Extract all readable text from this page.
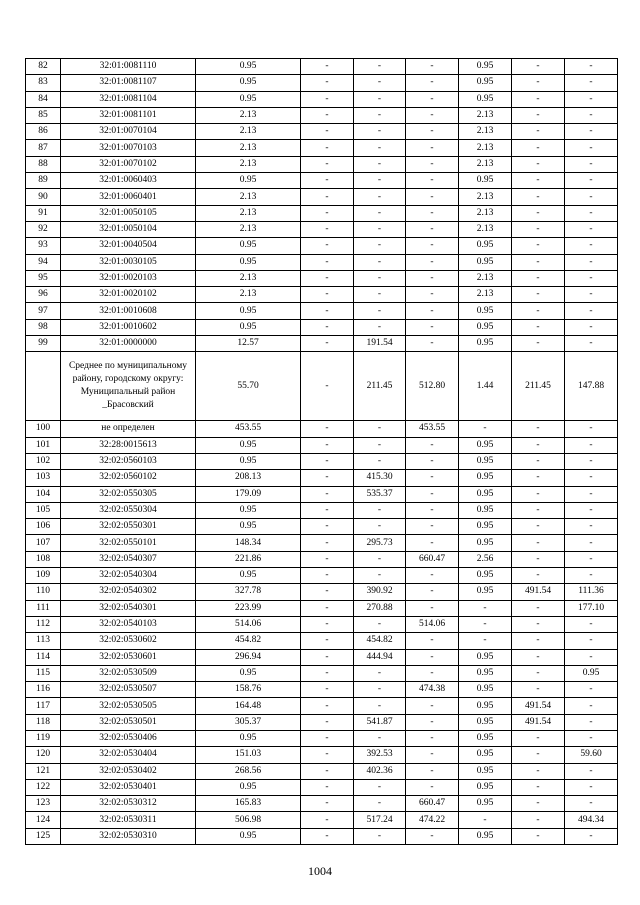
82	32:01:0081110	0.95	-	-	-	0.95	-	-
83	32:01:0081107	0.95	-	-	-	0.95	-	-
84	32:01:0081104	0.95	-	-	-	0.95	-	-
85	32:01:0081101	2.13	-	-	-	2.13	-	-
86	32:01:0070104	2.13	-	-	-	2.13	-	-
87	32:01:0070103	2.13	-	-	-	2.13	-	-
88	32:01:0070102	2.13	-	-	-	2.13	-	-
89	32:01:0060403	0.95	-	-	-	0.95	-	-
90	32:01:0060401	2.13	-	-	-	2.13	-	-
91	32:01:0050105	2.13	-	-	-	2.13	-	-
92	32:01:0050104	2.13	-	-	-	2.13	-	-
93	32:01:0040504	0.95	-	-	-	0.95	-	-
94	32:01:0030105	0.95	-	-	-	0.95	-	-
95	32:01:0020103	2.13	-	-	-	2.13	-	-
96	32:01:0020102	2.13	-	-	-	2.13	-	-
97	32:01:0010608	0.95	-	-	-	0.95	-	-
98	32:01:0010602	0.95	-	-	-	0.95	-	-
99	32:01:0000000	12.57	-	191.54	-	0.95	-	-
	Среднее по муниципальному району, городскому округу: Муниципальный район _Брасовский	55.70	-	211.45	512.80	1.44	211.45	147.88
100	не определен	453.55	-	-	453.55	-	-	-
101	32:28:0015613	0.95	-	-	-	0.95	-	-
102	32:02:0560103	0.95	-	-	-	0.95	-	-
103	32:02:0560102	208.13	-	415.30	-	0.95	-	-
104	32:02:0550305	179.09	-	535.37	-	0.95	-	-
105	32:02:0550304	0.95	-	-	-	0.95	-	-
106	32:02:0550301	0.95	-	-	-	0.95	-	-
107	32:02:0550101	148.34	-	295.73	-	0.95	-	-
108	32:02:0540307	221.86	-	-	660.47	2.56	-	-
109	32:02:0540304	0.95	-	-	-	0.95	-	-
110	32:02:0540302	327.78	-	390.92	-	0.95	491.54	111.36
111	32:02:0540301	223.99	-	270.88	-	-	-	177.10
112	32:02:0540103	514.06	-	-	514.06	-	-	-
113	32:02:0530602	454.82	-	454.82	-	-	-	-
114	32:02:0530601	296.94	-	444.94	-	0.95	-	-
115	32:02:0530509	0.95	-	-	-	0.95	-	0.95
116	32:02:0530507	158.76	-	-	474.38	0.95	-	-
117	32:02:0530505	164.48	-	-	-	0.95	491.54	-
118	32:02:0530501	305.37	-	541.87	-	0.95	491.54	-
119	32:02:0530406	0.95	-	-	-	0.95	-	-
120	32:02:0530404	151.03	-	392.53	-	0.95	-	59.60
121	32:02:0530402	268.56	-	402.36	-	0.95	-	-
122	32:02:0530401	0.95	-	-	-	0.95	-	-
123	32:02:0530312	165.83	-	-	660.47	0.95	-	-
124	32:02:0530311	506.98	-	517.24	474.22	-	-	494.34
125	32:02:0530310	0.95	-	-	-	0.95	-	-
1004
